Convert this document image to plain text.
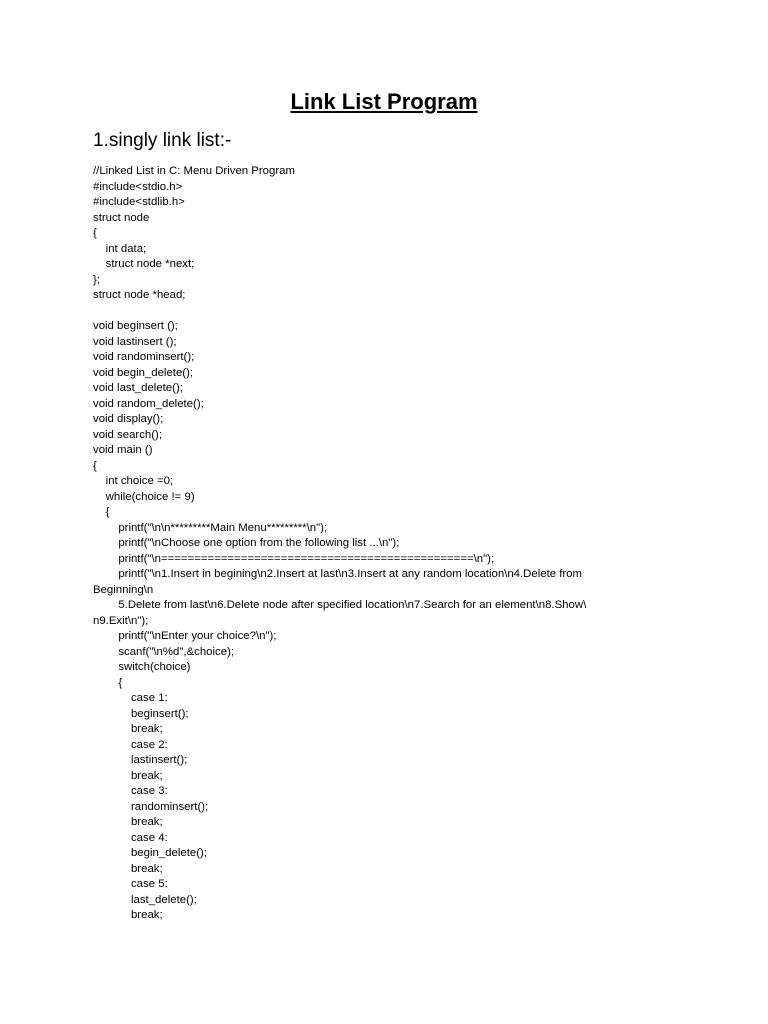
Link List Program
1.singly link list:-
//Linked List in C: Menu Driven Program
#include<stdio.h>
#include<stdlib.h>
struct node
{
int data;
struct node *next;
};
struct node *head;
void beginsert ();
void lastinsert ();
void randominsert();
void begin_delete();
void last_delete();
void random_delete();
void display();
void search();
void main ()
{
int choice =0;
while(choice != 9)
{
printf("\n\n*********Main Menu*********\n");
printf("\nChoose one option from the following list ...\n");
printf("\n===============================================\n");
printf("\n1.Insert in begining\n2.Insert at last\n3.Insert at any random location\n4.Delete from
Beginning\n
5.Delete from last\n6.Delete node after specified location\n7.Search for an element\n8.Show\
n9.Exit\n");
printf("\nEnter your choice?\n");
scanf("\n%d",&choice);
switch(choice)
{
case 1:
beginsert();
break;
case 2:
lastinsert();
break;
case 3:
randominsert();
break;
case 4:
begin_delete();
break;
case 5:
last_delete();
break;
